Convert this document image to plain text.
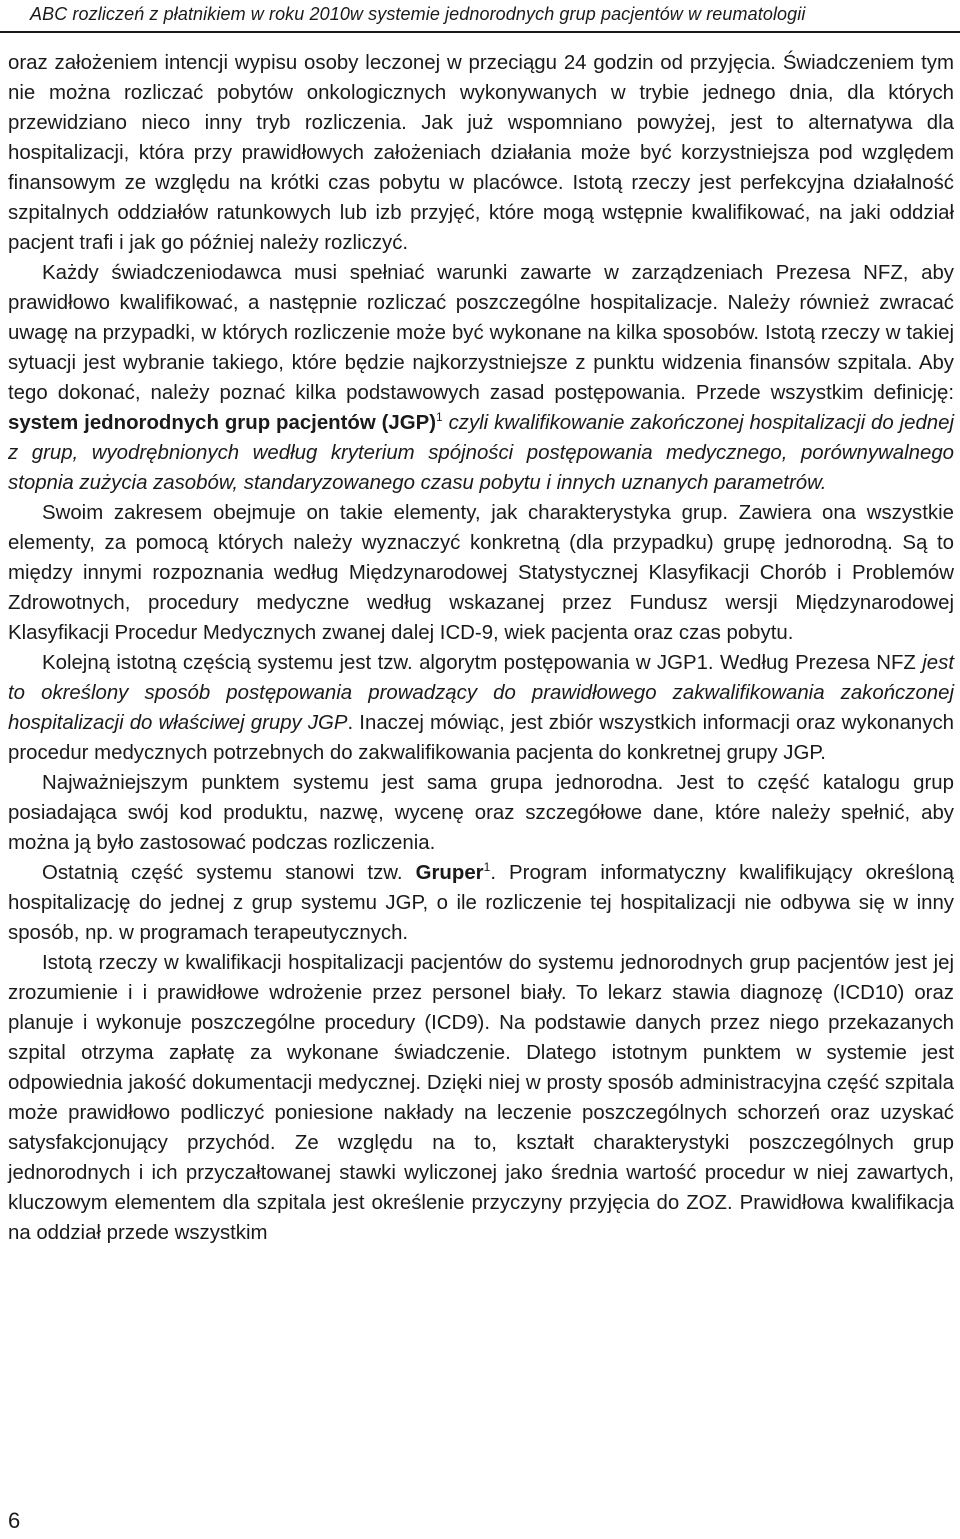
ABC rozliczeń z płatnikiem w roku 2010w systemie jednorodnych grup pacjentów w reumatologii

oraz założeniem intencji wypisu osoby leczonej w przeciągu 24 godzin od przyjęcia. Świadczeniem tym nie można rozliczać pobytów onkologicznych wykonywanych w trybie jednego dnia, dla których przewidziano nieco inny tryb rozliczenia. Jak już wspomniano powyżej, jest to alternatywa dla hospitalizacji, która przy prawidłowych założeniach działania może być korzystniejsza pod względem finansowym ze względu na krótki czas pobytu w placówce. Istotą rzeczy jest perfekcyjna działalność szpitalnych oddziałów ratunkowych lub izb przyjęć, które mogą wstępnie kwalifikować, na jaki oddział pacjent trafi i jak go później należy rozliczyć.

Każdy świadczeniodawca musi spełniać warunki zawarte w zarządzeniach Prezesa NFZ, aby prawidłowo kwalifikować, a następnie rozliczać poszczególne hospitalizacje. Należy również zwracać uwagę na przypadki, w których rozliczenie może być wykonane na kilka sposobów. Istotą rzeczy w takiej sytuacji jest wybranie takiego, które będzie najkorzystniejsze z punktu widzenia finansów szpitala. Aby tego dokonać, należy poznać kilka podstawowych zasad postępowania. Przede wszystkim definicję: system jednorodnych grup pacjentów (JGP)$^1$ czyli kwalifikowanie zakończonej hospitalizacji do jednej z grup, wyodrębnionych według kryterium spójności postępowania medycznego, porównywalnego stopnia zużycia zasobów, standaryzowanego czasu pobytu i innych uznanych parametrów.

Swoim zakresem obejmuje on takie elementy, jak charakterystyka grup. Zawiera ona wszystkie elementy, za pomocą których należy wyznaczyć konkretną (dla przypadku) grupę jednorodną. Są to między innymi rozpoznania według Międzynarodowej Statystycznej Klasyfikacji Chorób i Problemów Zdrowotnych, procedury medyczne według wskazanej przez Fundusz wersji Międzynarodowej Klasyfikacji Procedur Medycznych zwanej dalej ICD-9, wiek pacjenta oraz czas pobytu.

Kolejną istotną częścią systemu jest tzw. algorytm postępowania w JGP1. Według Prezesa NFZ jest to określony sposób postępowania prowadzący do prawidłowego zakwalifikowania zakończonej hospitalizacji do właściwej grupy JGP. Inaczej mówiąc, jest zbiór wszystkich informacji oraz wykonanych procedur medycznych potrzebnych do zakwalifikowania pacjenta do konkretnej grupy JGP.

Najważniejszym punktem systemu jest sama grupa jednorodna. Jest to część katalogu grup posiadająca swój kod produktu, nazwę, wycenę oraz szczegółowe dane, które należy spełnić, aby można ją było zastosować podczas rozliczenia.

Ostatnią część systemu stanowi tzw. Gruper$^1$. Program informatyczny kwalifikujący określoną hospitalizację do jednej z grup systemu JGP, o ile rozliczenie tej hospitalizacji nie odbywa się w inny sposób, np. w programach terapeutycznych.

Istotą rzeczy w kwalifikacji hospitalizacji pacjentów do systemu jednorodnych grup pacjentów jest jej zrozumienie i i prawidłowe wdrożenie przez personel biały. To lekarz stawia diagnozę (ICD10) oraz planuje i wykonuje poszczególne procedury (ICD9). Na podstawie danych przez niego przekazanych szpital otrzyma zapłatę za wykonane świadczenie. Dlatego istotnym punktem w systemie jest odpowiednia jakość dokumentacji medycznej. Dzięki niej w prosty sposób administracyjna część szpitala może prawidłowo podliczyć poniesione nakłady na leczenie poszczególnych schorzeń oraz uzyskać satysfakcjonujący przychód. Ze względu na to, kształt charakterystyki poszczególnych grup jednorodnych i ich przyczałtowanej stawki wyliczonej jako średnia wartość procedur w niej zawartych, kluczowym elementem dla szpitala jest określenie przyczyny przyjęcia do ZOZ. Prawidłowa kwalifikacja na oddział przede wszystkim

6
